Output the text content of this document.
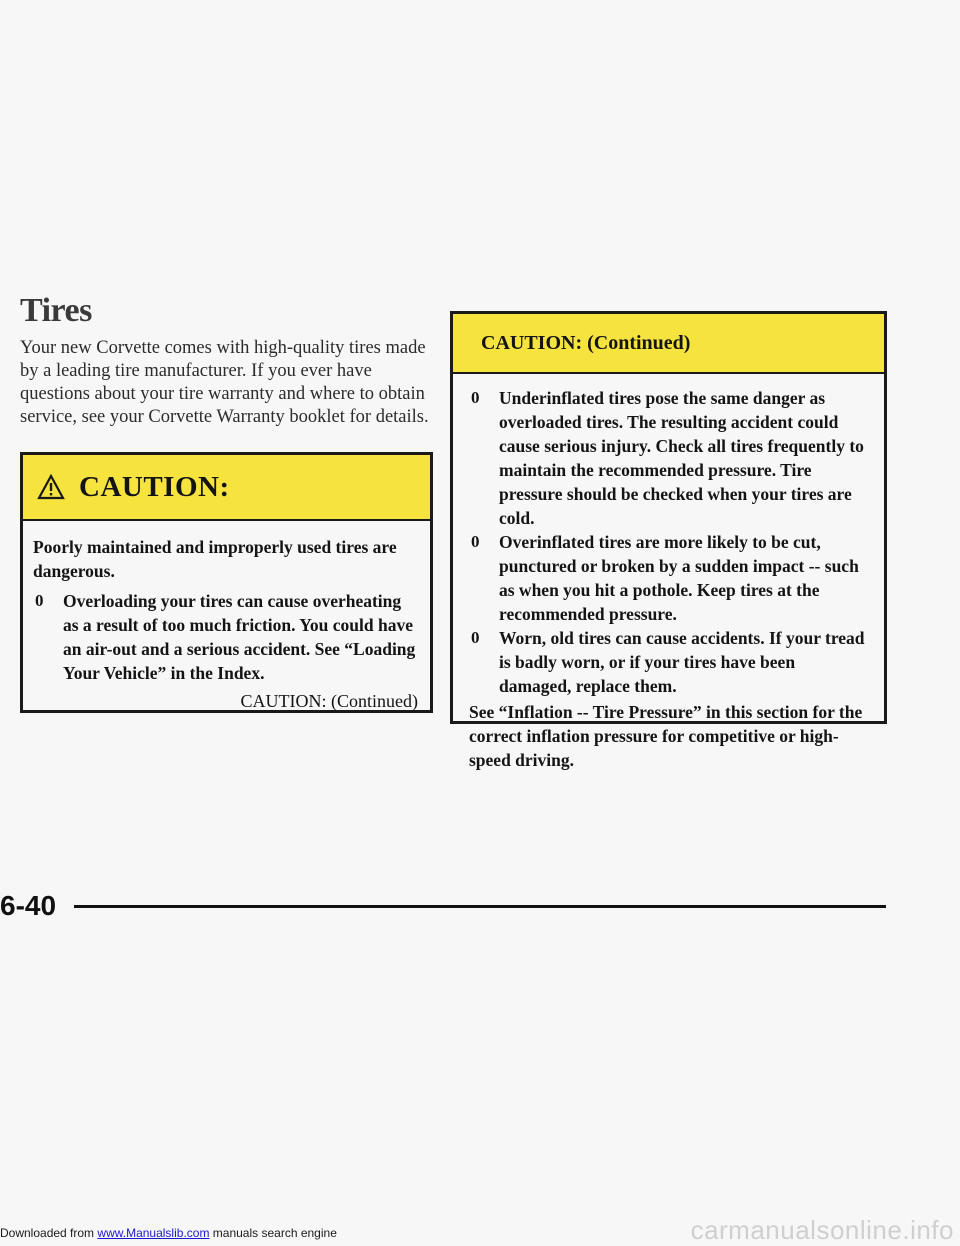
Tires

Your new Corvette comes with high-quality tires made by a leading tire manufacturer. If you ever have questions about your tire warranty and where to obtain service, see your Corvette Warranty booklet for details.

CAUTION:

Poorly maintained and improperly used tires are dangerous.

0 Overloading your tires can cause overheating as a result of too much friction. You could have an air-out and a serious accident. See “Loading Your Vehicle” in the Index.

CAUTION: (Continued)

CAUTION: (Continued)
0 Underinflated tires pose the same danger as overloaded tires. The resulting accident could cause serious injury. Check all tires frequently to maintain the recommended pressure. Tire pressure should be checked when your tires are cold.
0 Overinflated tires are more likely to be cut, punctured or broken by a sudden impact -- such as when you hit a pothole. Keep tires at the recommended pressure.
0 Worn, old tires can cause accidents. If your tread is badly worn, or if your tires have been damaged, replace them.

See “Inflation -- Tire Pressure” in this section for the correct inflation pressure for competitive or high-speed driving.

6-40
Downloaded from www.Manualslib.com manuals search engine	carmanualsonline.info
